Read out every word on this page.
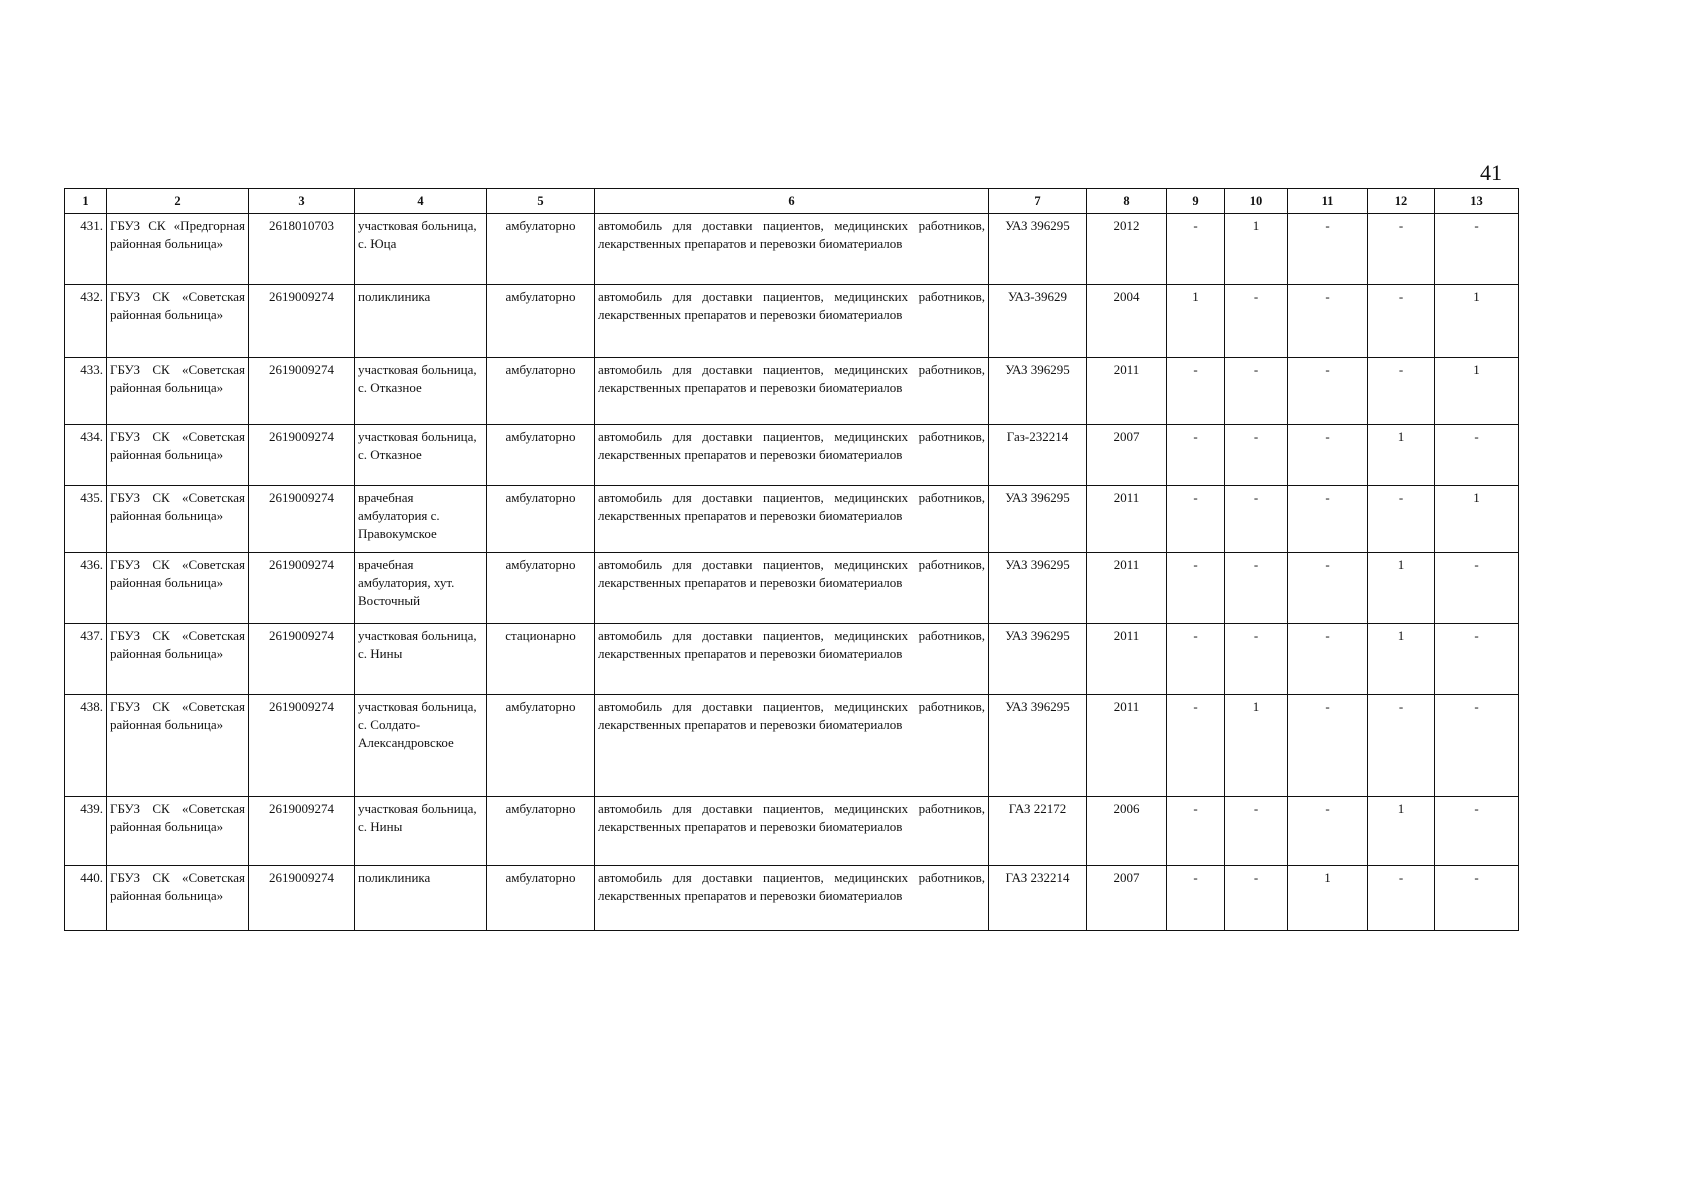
41
1	2	3	4	5	6	7	8	9	10	11	12	13
431.	ГБУЗ СК «Предгорная районная больница»	2618010703	участковая больница, с. Юца	амбулаторно	автомобиль для доставки пациентов, медицинских работников, лекарственных препаратов и перевозки биоматериалов	УАЗ 396295	2012	-	1	-	-	-
432.	ГБУЗ СК «Советская районная больница»	2619009274	поликлиника	амбулаторно	автомобиль для доставки пациентов, медицинских работников, лекарственных препаратов и перевозки биоматериалов	УАЗ-39629	2004	1	-	-	-	1
433.	ГБУЗ СК «Советская районная больница»	2619009274	участковая больница, с. Отказное	амбулаторно	автомобиль для доставки пациентов, медицинских работников, лекарственных препаратов и перевозки биоматериалов	УАЗ 396295	2011	-	-	-	-	1
434.	ГБУЗ СК «Советская районная больница»	2619009274	участковая больница, с. Отказное	амбулаторно	автомобиль для доставки пациентов, медицинских работников, лекарственных препаратов и перевозки биоматериалов	Газ-232214	2007	-	-	-	1	-
435.	ГБУЗ СК «Советская районная больница»	2619009274	врачебная амбулатория с. Правокумское	амбулаторно	автомобиль для доставки пациентов, медицинских работников, лекарственных препаратов и перевозки биоматериалов	УАЗ 396295	2011	-	-	-	-	1
436.	ГБУЗ СК «Советская районная больница»	2619009274	врачебная амбулатория, хут. Восточный	амбулаторно	автомобиль для доставки пациентов, медицинских работников, лекарственных препаратов и перевозки биоматериалов	УАЗ 396295	2011	-	-	-	1	-
437.	ГБУЗ СК «Советская районная больница»	2619009274	участковая больница, с. Нины	стационарно	автомобиль для доставки пациентов, медицинских работников, лекарственных препаратов и перевозки биоматериалов	УАЗ 396295	2011	-	-	-	1	-
438.	ГБУЗ СК «Советская районная больница»	2619009274	участковая больница, с. Солдато-Александровское	амбулаторно	автомобиль для доставки пациентов, медицинских работников, лекарственных препаратов и перевозки биоматериалов	УАЗ 396295	2011	-	1	-	-	-
439.	ГБУЗ СК «Советская районная больница»	2619009274	участковая больница, с. Нины	амбулаторно	автомобиль для доставки пациентов, медицинских работников, лекарственных препаратов и перевозки биоматериалов	ГАЗ 22172	2006	-	-	-	1	-
440.	ГБУЗ СК «Советская районная больница»	2619009274	поликлиника	амбулаторно	автомобиль для доставки пациентов, медицинских работников, лекарственных препаратов и перевозки биоматериалов	ГАЗ 232214	2007	-	-	1	-	-
